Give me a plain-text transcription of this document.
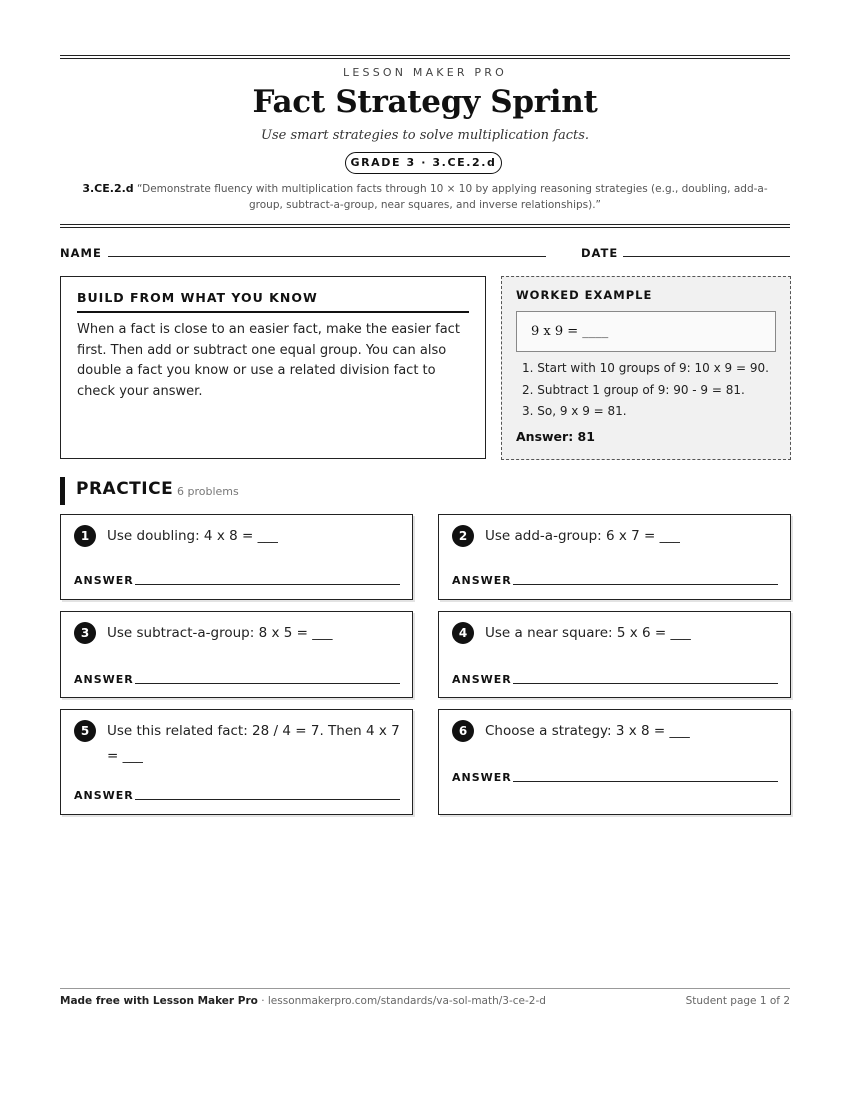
LESSON MAKER PRO
Fact Strategy Sprint
Use smart strategies to solve multiplication facts.
GRADE 3 · 3.CE.2.d
3.CE.2.d “Demonstrate fluency with multiplication facts through 10 × 10 by applying reasoning strategies (e.g., doubling, add-a-group, subtract-a-group, near squares, and inverse relationships).”
NAME	DATE
BUILD FROM WHAT YOU KNOW
When a fact is close to an easier fact, make the easier fact first. Then add or subtract one equal group. You can also double a fact you know or use a related division fact to check your answer.
WORKED EXAMPLE
9 x 9 = ____
1. Start with 10 groups of 9: 10 x 9 = 90.
2. Subtract 1 group of 9: 90 - 9 = 81.
3. So, 9 x 9 = 81.
Answer: 81
PRACTICE 6 problems
1	Use doubling: 4 x 8 = ___
ANSWER
2	Use add-a-group: 6 x 7 = ___
ANSWER
3	Use subtract-a-group: 8 x 5 = ___
ANSWER
4	Use a near square: 5 x 6 = ___
ANSWER
5	Use this related fact: 28 / 4 = 7. Then 4 x 7 = ___
ANSWER
6	Choose a strategy: 3 x 8 = ___
ANSWER
Made free with Lesson Maker Pro · lessonmakerpro.com/standards/va-sol-math/3-ce-2-d	Student page 1 of 2
